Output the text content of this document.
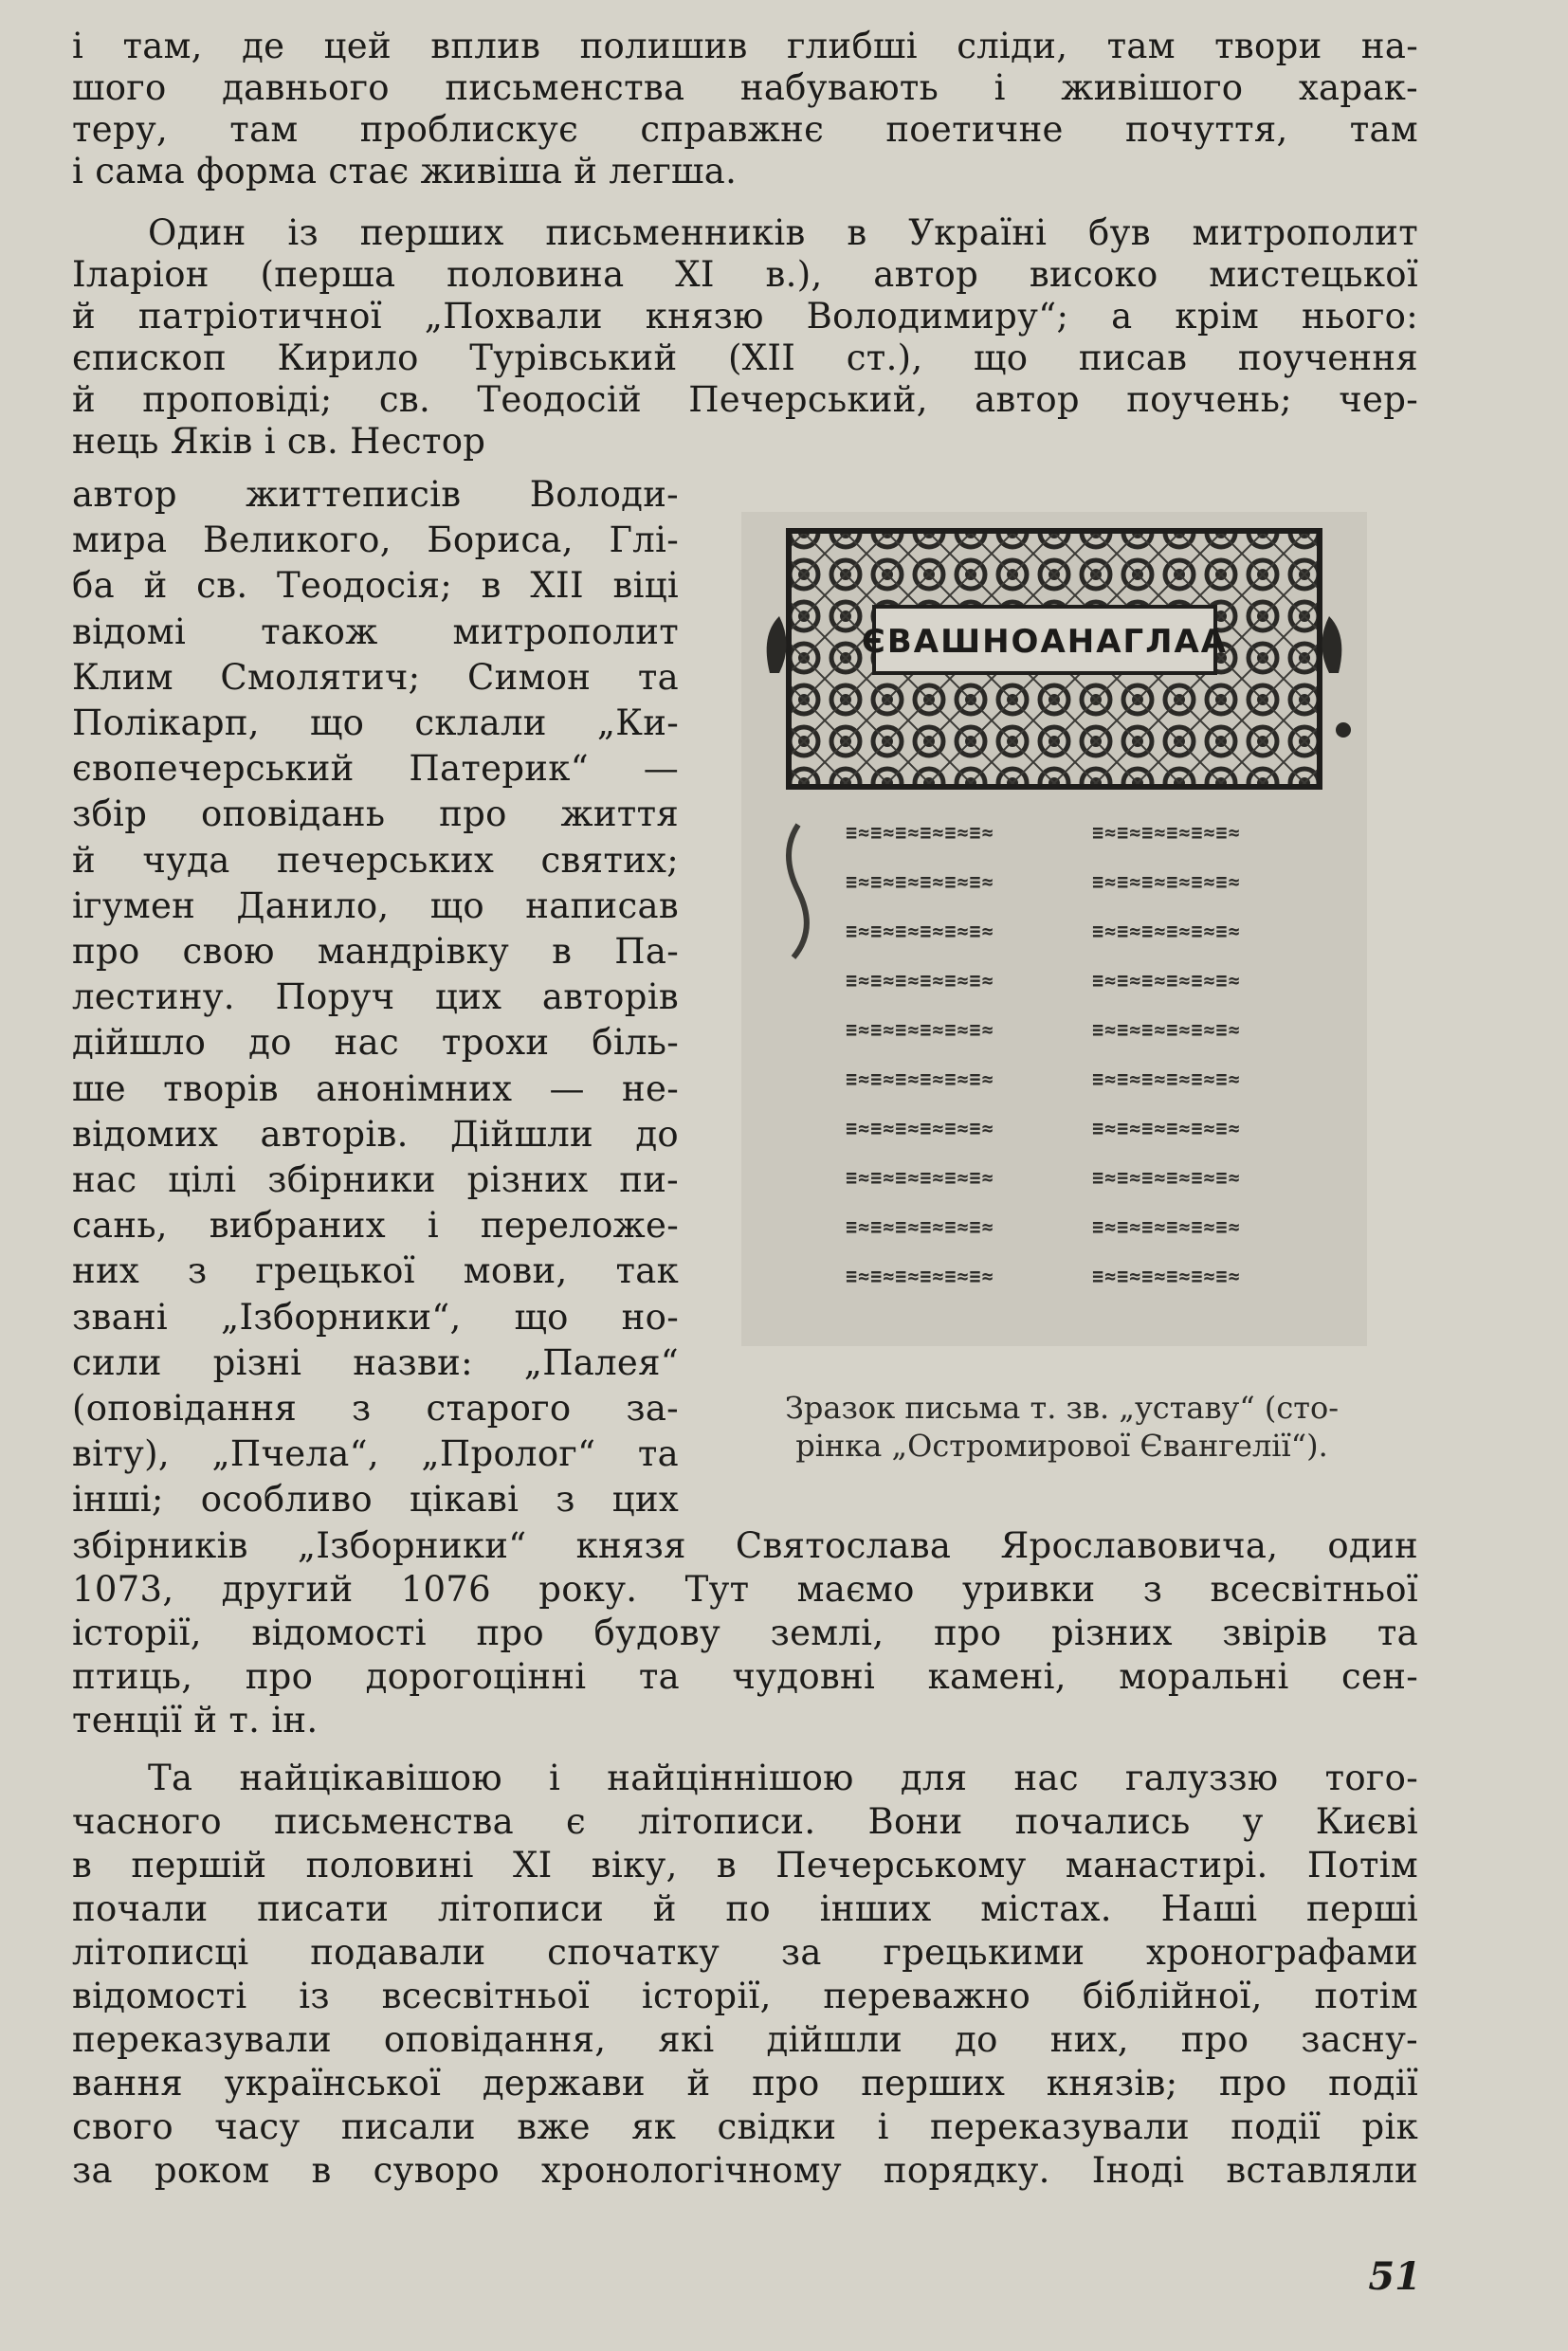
і там, де цей вплив полишив глибші сліди, там твори на-
шого давнього письменства набувають і живішого харак-
теру, там проблискує справжнє поетичне почуття, там
і сама форма стає живіша й легша.
Один із перших письменників в Україні був митрополит
Іларіон (перша половина XI в.), автор високо мистецької
й патріотичної „Похвали князю Володимиру“; а крім нього:
єпископ Кирило Турівський (XII ст.), що писав поучення
й проповіді; св. Теодосій Печерський, автор поучень; чер-
нець Яків і св. Нестор
автор життеписів Володи-
мира Великого, Бориса, Глі-
ба й св. Теодосія; в XII віці
відомі також митрополит
Клим Смолятич; Симон та
Полікарп, що склали „Ки-
євопечерський Патерик“ —
збір оповідань про життя
й чуда печерських святих;
ігумен Данило, що написав
про свою мандрівку в Па-
лестину. Поруч цих авторів
дійшло до нас трохи біль-
ше творів анонімних — не-
відомих авторів. Дійшли до
нас цілі збірники різних пи-
сань, вибраних і переложе-
них з грецької мови, так
звані „Ізборники“, що но-
сили різні назви: „Палея“
(оповідання з старого за-
віту), „Пчела“, „Пролог“ та
інші; особливо цікаві з цих
ЄВАШНОАНАГЛАА
≡≈≡≈≡≈≡≈≡≈≡≈
≡≈≡≈≡≈≡≈≡≈≡≈
≡≈≡≈≡≈≡≈≡≈≡≈
≡≈≡≈≡≈≡≈≡≈≡≈
≡≈≡≈≡≈≡≈≡≈≡≈
≡≈≡≈≡≈≡≈≡≈≡≈
≡≈≡≈≡≈≡≈≡≈≡≈
≡≈≡≈≡≈≡≈≡≈≡≈
≡≈≡≈≡≈≡≈≡≈≡≈
≡≈≡≈≡≈≡≈≡≈≡≈
≡≈≡≈≡≈≡≈≡≈≡≈
≡≈≡≈≡≈≡≈≡≈≡≈
≡≈≡≈≡≈≡≈≡≈≡≈
≡≈≡≈≡≈≡≈≡≈≡≈
≡≈≡≈≡≈≡≈≡≈≡≈
≡≈≡≈≡≈≡≈≡≈≡≈
≡≈≡≈≡≈≡≈≡≈≡≈
≡≈≡≈≡≈≡≈≡≈≡≈
≡≈≡≈≡≈≡≈≡≈≡≈
≡≈≡≈≡≈≡≈≡≈≡≈
Зразок письма т. зв. „уставу“ (сто-
рінка „Остромирової Євангелії“).
збірників „Ізборники“ князя Святослава Ярославовича, один
1073, другий 1076 року. Тут маємо уривки з всесвітньої
історії, відомості про будову землі, про різних звірів та
птиць, про дорогоцінні та чудовні камені, моральні сен-
тенції й т. ін.
Та найцікавішою і найціннішою для нас галуззю того-
часного письменства є літописи. Вони почались у Києві
в першій половині XI віку, в Печерському манастирі. Потім
почали писати літописи й по інших містах. Наші перші
літописці подавали спочатку за грецькими хронографами
відомості із всесвітньої історії, переважно біблійної, потім
переказували оповідання, які дійшли до них, про засну-
вання української держави й про перших князів; про події
свого часу писали вже як свідки і переказували події рік
за роком в суворо хронологічному порядку. Іноді вставляли
51
